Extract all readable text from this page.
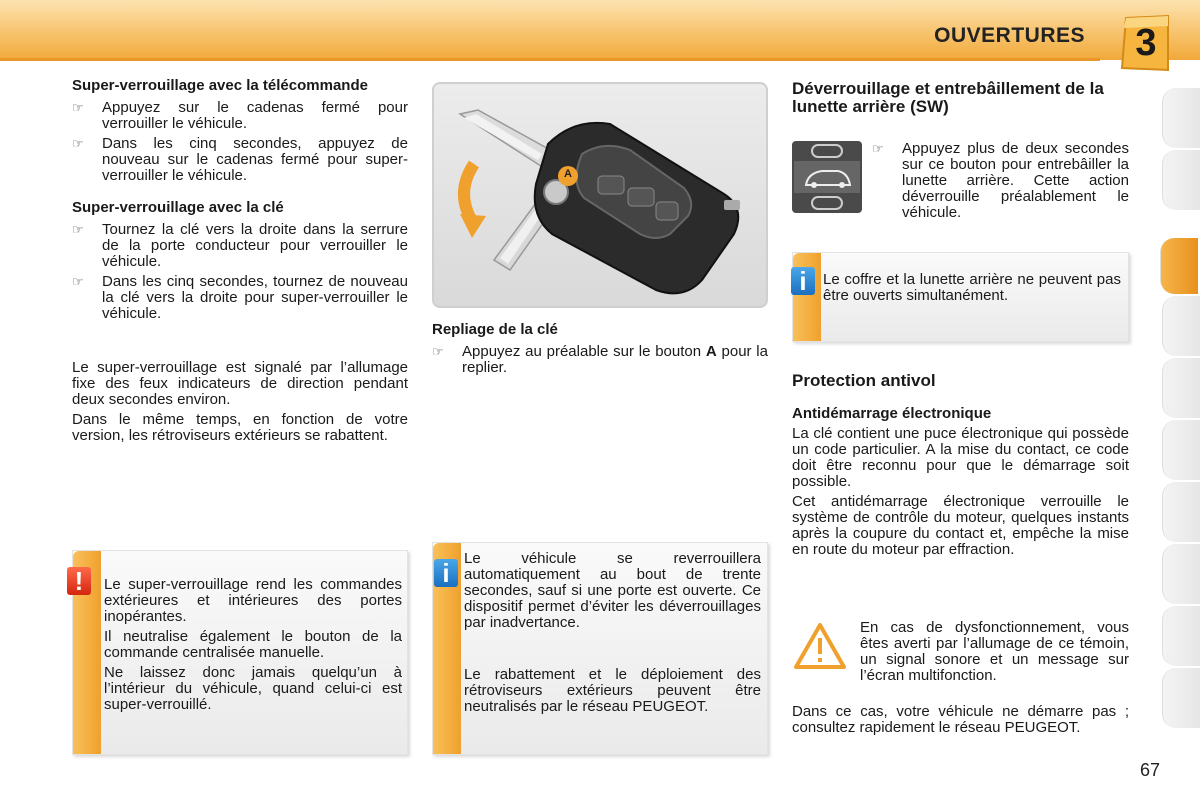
OUVERTURES	3
Super-verrouillage avec la télécommande
☞ Appuyez sur le cadenas fermé pour verrouiller le véhicule.
☞ Dans les cinq secondes, appuyez de nouveau sur le cadenas fermé pour super-verrouiller le véhicule.
Super-verrouillage avec la clé
☞ Tournez la clé vers la droite dans la serrure de la porte conducteur pour verrouiller le véhicule.
☞ Dans les cinq secondes, tournez de nouveau la clé vers la droite pour super-verrouiller le véhicule.
Le super-verrouillage est signalé par l’allumage fixe des feux indicateurs de direction pendant deux secondes environ.
Dans le même temps, en fonction de votre version, les rétroviseurs extérieurs se rabattent.
!	Le super-verrouillage rend les commandes extérieures et intérieures des portes inopérantes.
Il neutralise également le bouton de la commande centralisée manuelle.
Ne laissez donc jamais quelqu’un à l’intérieur du véhicule, quand celui-ci est super-verrouillé.
A
Repliage de la clé
☞ Appuyez au préalable sur le bouton A pour la replier.
i Le véhicule se reverrouillera automatiquement au bout de trente secondes, sauf si une porte est ouverte. Ce dispositif permet d’éviter les déverrouillages par inadvertance.
Le rabattement et le déploiement des rétroviseurs extérieurs peuvent être neutralisés par le réseau PEUGEOT.
Déverrouillage et entrebâillement de la lunette arrière (SW)
☞ Appuyez plus de deux secondes sur ce bouton pour entrebâiller la lunette arrière. Cette action déverrouille préalablement le véhicule.
i	Le coffre et la lunette arrière ne peuvent pas être ouverts simultanément.
Protection antivol
Antidémarrage électronique
La clé contient une puce électronique qui possède un code particulier. A la mise du contact, ce code doit être reconnu pour que le démarrage soit possible.
Cet antidémarrage électronique verrouille le système de contrôle du moteur, quelques instants après la coupure du contact et, empêche la mise en route du moteur par effraction.
En cas de dysfonctionnement, vous êtes averti par l’allumage de ce témoin, un signal sonore et un message sur l’écran multifonction.
Dans ce cas, votre véhicule ne démarre pas ; consultez rapidement le réseau PEUGEOT.
67
